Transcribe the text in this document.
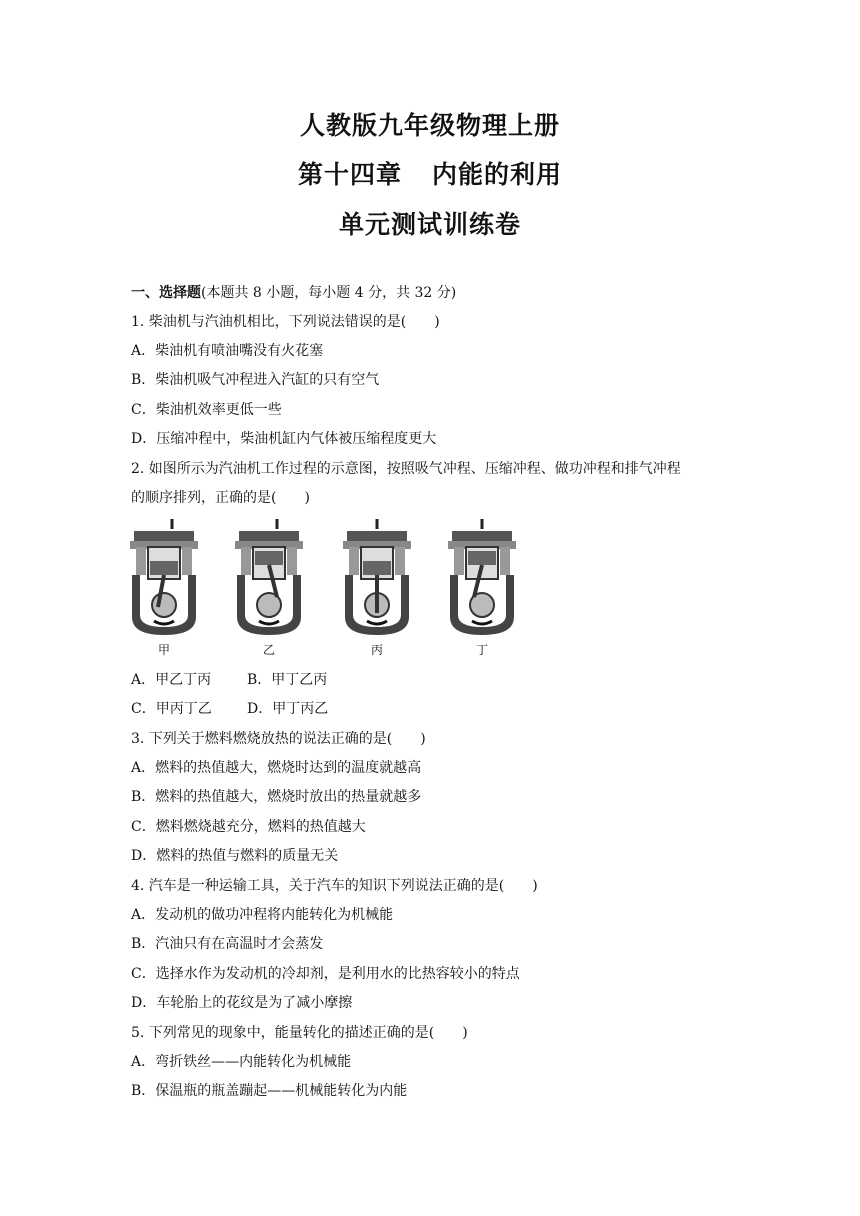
人教版九年级物理上册
第十四章 内能的利用
单元测试训练卷
一、选择题(本题共 8 小题，每小题 4 分，共 32 分)
1. 柴油机与汽油机相比，下列说法错误的是(　　)
A．柴油机有喷油嘴没有火花塞
B．柴油机吸气冲程进入汽缸的只有空气
C．柴油机效率更低一些
D．压缩冲程中，柴油机缸内气体被压缩程度更大
2. 如图所示为汽油机工作过程的示意图，按照吸气冲程、压缩冲程、做功冲程和排气冲程
的顺序排列，正确的是(　　)
甲	乙	丙	丁
A．甲乙丁丙	B．甲丁乙丙
C．甲丙丁乙	D．甲丁丙乙
3. 下列关于燃料燃烧放热的说法正确的是(　　)
A．燃料的热值越大，燃烧时达到的温度就越高
B．燃料的热值越大，燃烧时放出的热量就越多
C．燃料燃烧越充分，燃料的热值越大
D．燃料的热值与燃料的质量无关
4. 汽车是一种运输工具，关于汽车的知识下列说法正确的是(　　)
A．发动机的做功冲程将内能转化为机械能
B．汽油只有在高温时才会蒸发
C．选择水作为发动机的冷却剂，是利用水的比热容较小的特点
D．车轮胎上的花纹是为了减小摩擦
5. 下列常见的现象中，能量转化的描述正确的是(　　)
A．弯折铁丝——内能转化为机械能
B．保温瓶的瓶盖蹦起——机械能转化为内能
